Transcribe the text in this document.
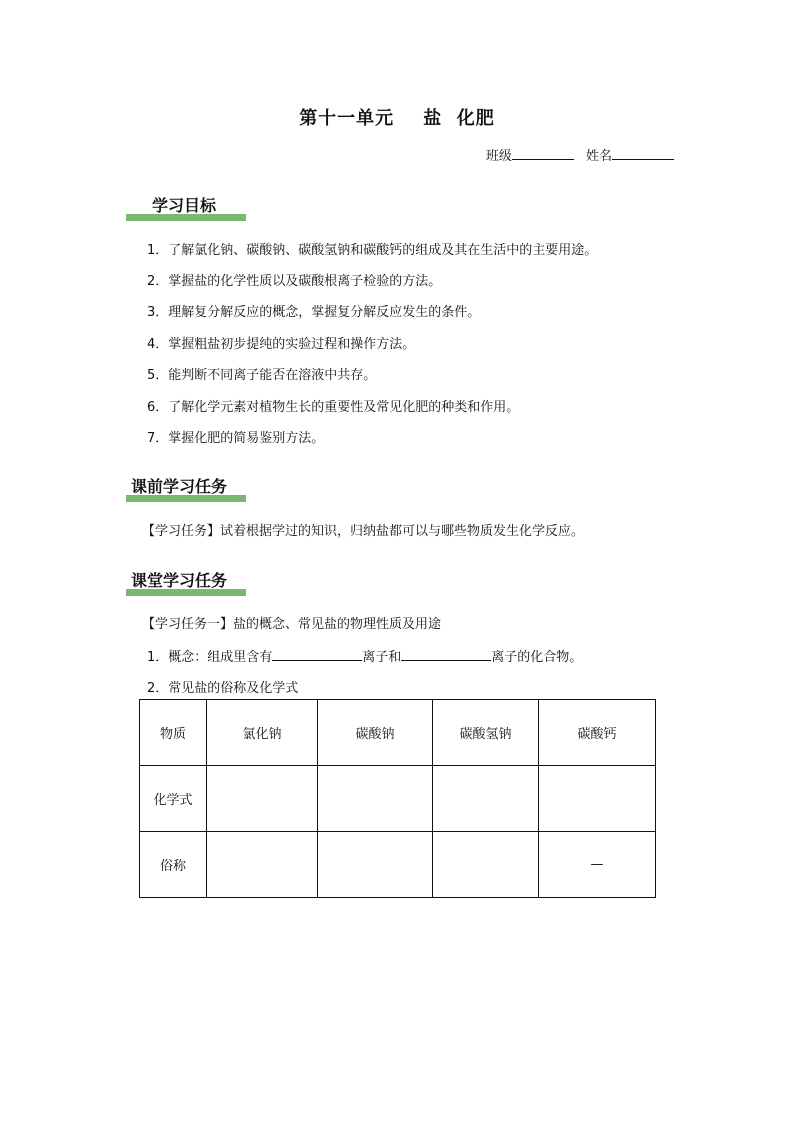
第十一单元    盐  化肥
班级	姓名
学习目标
1．了解氯化钠、碳酸钠、碳酸氢钠和碳酸钙的组成及其在生活中的主要用途。
2．掌握盐的化学性质以及碳酸根离子检验的方法。
3．理解复分解反应的概念，掌握复分解反应发生的条件。
4．掌握粗盐初步提纯的实验过程和操作方法。
5．能判断不同离子能否在溶液中共存。
6．了解化学元素对植物生长的重要性及常见化肥的种类和作用。
7．掌握化肥的简易鉴别方法。
课前学习任务
【学习任务】试着根据学过的知识，归纳盐都可以与哪些物质发生化学反应。
课堂学习任务
【学习任务一】盐的概念、常见盐的物理性质及用途
1．概念：组成里含有	离子和	离子的化合物。
2．常见盐的俗称及化学式
物质	氯化钠	碳酸钠	碳酸氢钠	碳酸钙
化学式				
俗称				—
